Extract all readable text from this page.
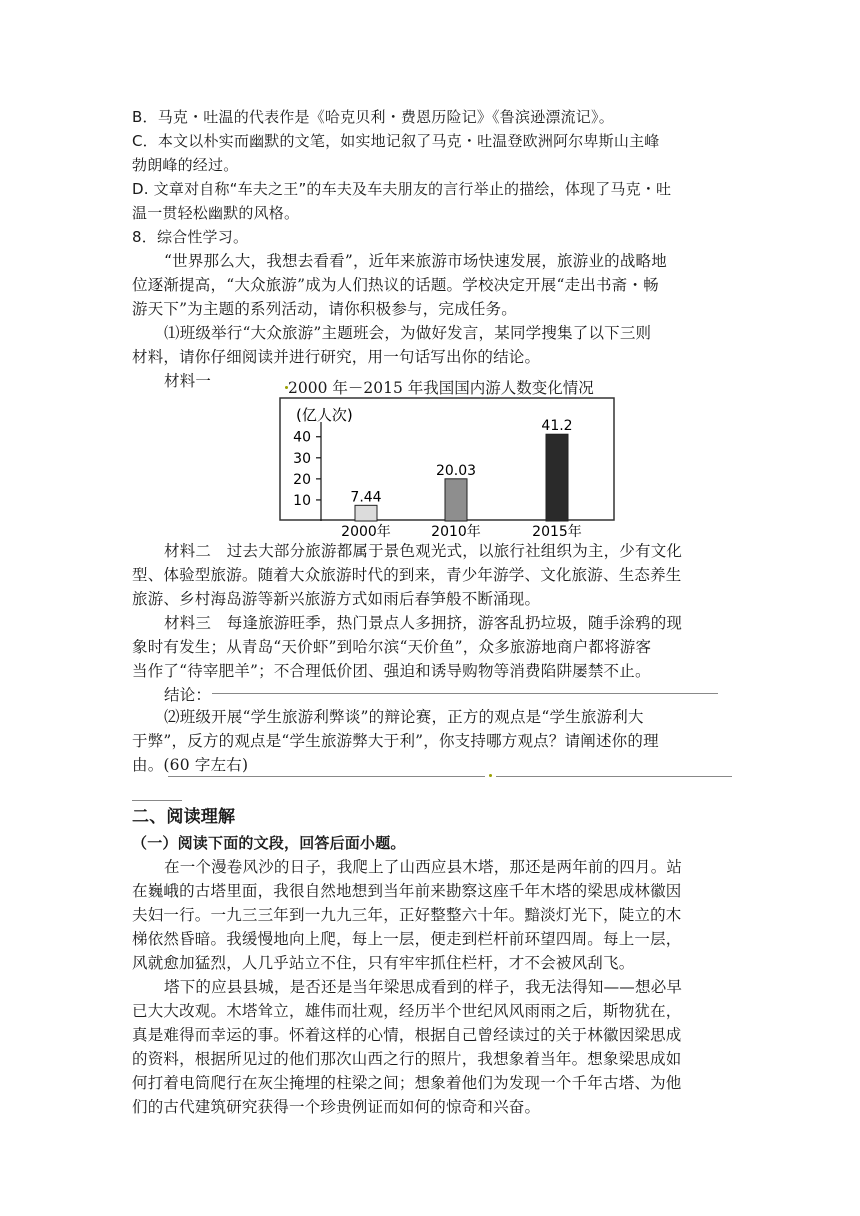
B．马克・吐温的代表作是《哈克贝利・费恩历险记》《鲁滨逊漂流记》。
C．本文以朴实而幽默的文笔，如实地记叙了马克・吐温登欧洲阿尔卑斯山主峰
勃朗峰的经过。
D. 文章对自称“车夫之王”的车夫及车夫朋友的言行举止的描绘，体现了马克・吐
温一贯轻松幽默的风格。
8．综合性学习。
“世界那么大，我想去看看”，近年来旅游市场快速发展，旅游业的战略地
位逐渐提高，“大众旅游”成为人们热议的话题。学校决定开展“走出书斋・畅
游天下”为主题的系列活动，请你积极参与，完成任务。
⑴班级举行“大众旅游”主题班会，为做好发言，某同学搜集了以下三则
材料，请你仔细阅读并进行研究，用一句话写出你的结论。
材料一	2000 年－2015 年我国国内游人数变化情况
(亿人次)
10
20
30
40
7.44
2000年
20.03
2010年
41.2
2015年
材料二　过去大部分旅游都属于景色观光式，以旅行社组织为主，少有文化
型、体验型旅游。随着大众旅游时代的到来，青少年游学、文化旅游、生态养生
旅游、乡村海岛游等新兴旅游方式如雨后春笋般不断涌现。
材料三　每逢旅游旺季，热门景点人多拥挤，游客乱扔垃圾，随手涂鸦的现
象时有发生；从青岛“天价虾”到哈尔滨“天价鱼”，众多旅游地商户都将游客
当作了“待宰肥羊”；不合理低价团、强迫和诱导购物等消费陷阱屡禁不止。
结论：
⑵班级开展“学生旅游利弊谈”的辩论赛，正方的观点是“学生旅游利大
于弊”，反方的观点是“学生旅游弊大于利”，你支持哪方观点？请阐述你的理
由。(60 字左右)
二、阅读理解
（一）阅读下面的文段，回答后面小题。
在一个漫卷风沙的日子，我爬上了山西应县木塔，那还是两年前的四月。站
在巍峨的古塔里面，我很自然地想到当年前来勘察这座千年木塔的梁思成林徽因
夫妇一行。一九三三年到一九九三年，正好整整六十年。黯淡灯光下，陡立的木
梯依然昏暗。我缓慢地向上爬，每上一层，便走到栏杆前环望四周。每上一层，
风就愈加猛烈，人几乎站立不住，只有牢牢抓住栏杆，才不会被风刮飞。
塔下的应县县城，是否还是当年梁思成看到的样子，我无法得知——想必早
已大大改观。木塔耸立，雄伟而壮观，经历半个世纪风风雨雨之后，斯物犹在，
真是难得而幸运的事。怀着这样的心情，根据自己曾经读过的关于林徽因梁思成
的资料，根据所见过的他们那次山西之行的照片，我想象着当年。想象梁思成如
何打着电筒爬行在灰尘掩埋的柱梁之间；想象着他们为发现一个千年古塔、为他
们的古代建筑研究获得一个珍贵例证而如何的惊奇和兴奋。
